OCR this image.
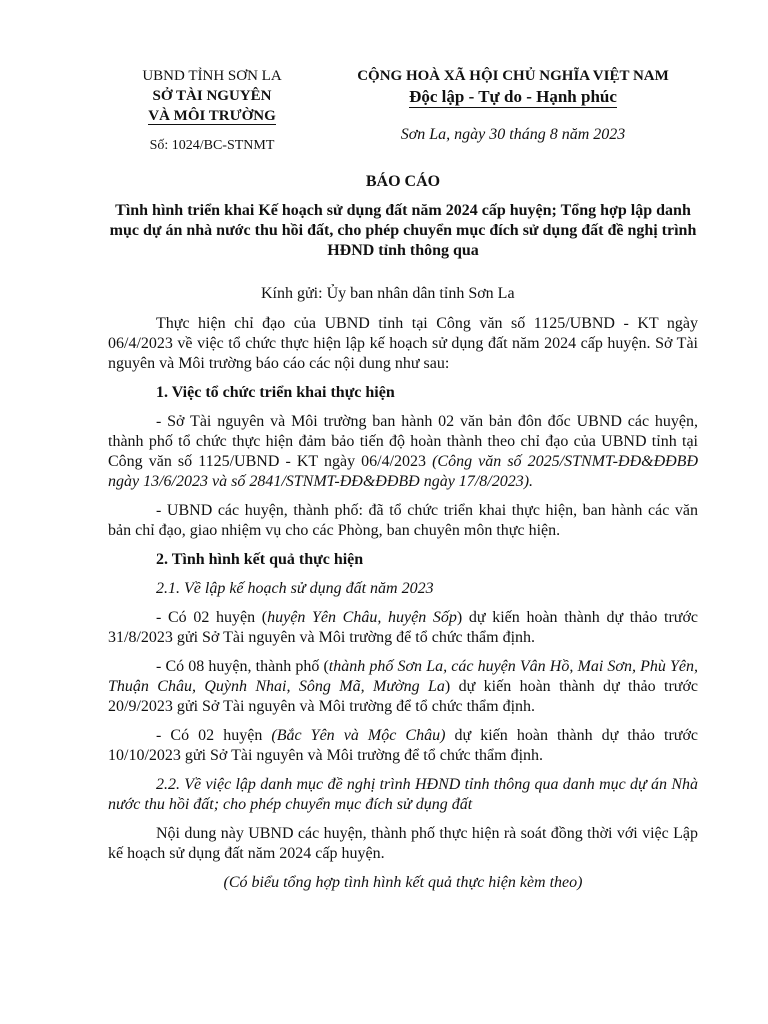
UBND TỈNH SƠN LA
SỞ TÀI NGUYÊN
VÀ MÔI TRƯỜNG
Số: 1024/BC-STNMT
CỘNG HOÀ XÃ HỘI CHỦ NGHĨA VIỆT NAM
Độc lập - Tự do - Hạnh phúc
Sơn La, ngày 30 tháng 8 năm 2023
BÁO CÁO
Tình hình triển khai Kế hoạch sử dụng đất năm 2024 cấp huyện; Tổng hợp lập danh mục dự án nhà nước thu hồi đất, cho phép chuyển mục đích sử dụng đất đề nghị trình HĐND tỉnh thông qua

Kính gửi: Ủy ban nhân dân tỉnh Sơn La

Thực hiện chỉ đạo của UBND tỉnh tại Công văn số 1125/UBND - KT ngày 06/4/2023 về việc tổ chức thực hiện lập kế hoạch sử dụng đất năm 2024 cấp huyện. Sở Tài nguyên và Môi trường báo cáo các nội dung như sau:

1. Việc tổ chức triển khai thực hiện

- Sở Tài nguyên và Môi trường ban hành 02 văn bản đôn đốc UBND các huyện, thành phố tổ chức thực hiện đảm bảo tiến độ hoàn thành theo chỉ đạo của UBND tỉnh tại Công văn số 1125/UBND - KT ngày 06/4/2023 (Công văn số 2025/STNMT-ĐĐ&ĐĐBĐ ngày 13/6/2023 và số 2841/STNMT-ĐĐ&ĐĐBĐ ngày 17/8/2023).

- UBND các huyện, thành phố: đã tổ chức triển khai thực hiện, ban hành các văn bản chỉ đạo, giao nhiệm vụ cho các Phòng, ban chuyên môn thực hiện.

2. Tình hình kết quả thực hiện

2.1. Về lập kế hoạch sử dụng đất năm 2023

- Có 02 huyện (huyện Yên Châu, huyện Sốp) dự kiến hoàn thành dự thảo trước 31/8/2023 gửi Sở Tài nguyên và Môi trường để tổ chức thẩm định.

- Có 08 huyện, thành phố (thành phố Sơn La, các huyện Vân Hồ, Mai Sơn, Phù Yên, Thuận Châu, Quỳnh Nhai, Sông Mã, Mường La) dự kiến hoàn thành dự thảo trước 20/9/2023 gửi Sở Tài nguyên và Môi trường để tổ chức thẩm định.

- Có 02 huyện (Bắc Yên và Mộc Châu) dự kiến hoàn thành dự thảo trước 10/10/2023 gửi Sở Tài nguyên và Môi trường để tổ chức thẩm định.

2.2. Về việc lập danh mục đề nghị trình HĐND tỉnh thông qua danh mục dự án Nhà nước thu hồi đất; cho phép chuyển mục đích sử dụng đất

Nội dung này UBND các huyện, thành phố thực hiện rà soát đồng thời với việc Lập kế hoạch sử dụng đất năm 2024 cấp huyện.

(Có biểu tổng hợp tình hình kết quả thực hiện kèm theo)
